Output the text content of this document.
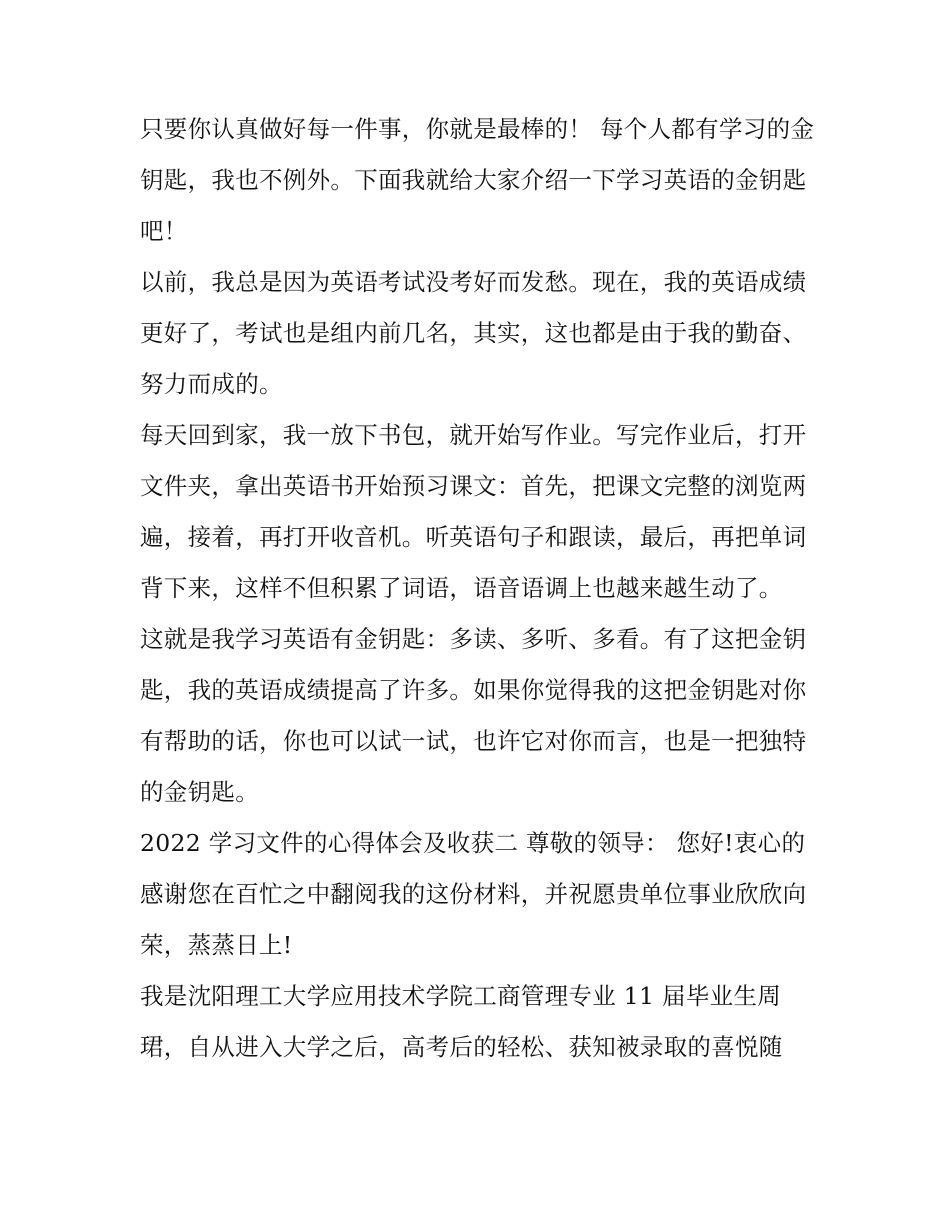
只要你认真做好每一件事，你就是最棒的！ 每个人都有学习的金钥匙，我也不例外。下面我就给大家介绍一下学习英语的金钥匙吧！

以前，我总是因为英语考试没考好而发愁。现在，我的英语成绩更好了，考试也是组内前几名，其实，这也都是由于我的勤奋、努力而成的。

每天回到家，我一放下书包，就开始写作业。写完作业后，打开文件夹，拿出英语书开始预习课文：首先，把课文完整的浏览两遍，接着，再打开收音机。听英语句子和跟读，最后，再把单词背下来，这样不但积累了词语，语音语调上也越来越生动了。

这就是我学习英语有金钥匙：多读、多听、多看。有了这把金钥匙，我的英语成绩提高了许多。如果你觉得我的这把金钥匙对你有帮助的话，你也可以试一试，也许它对你而言，也是一把独特的金钥匙。

2022 学习文件的心得体会及收获二 尊敬的领导： 您好!衷心的感谢您在百忙之中翻阅我的这份材料，并祝愿贵单位事业欣欣向荣，蒸蒸日上!

我是沈阳理工大学应用技术学院工商管理专业 11 届毕业生周珺，自从进入大学之后，高考后的轻松、获知被录取的喜悦随
